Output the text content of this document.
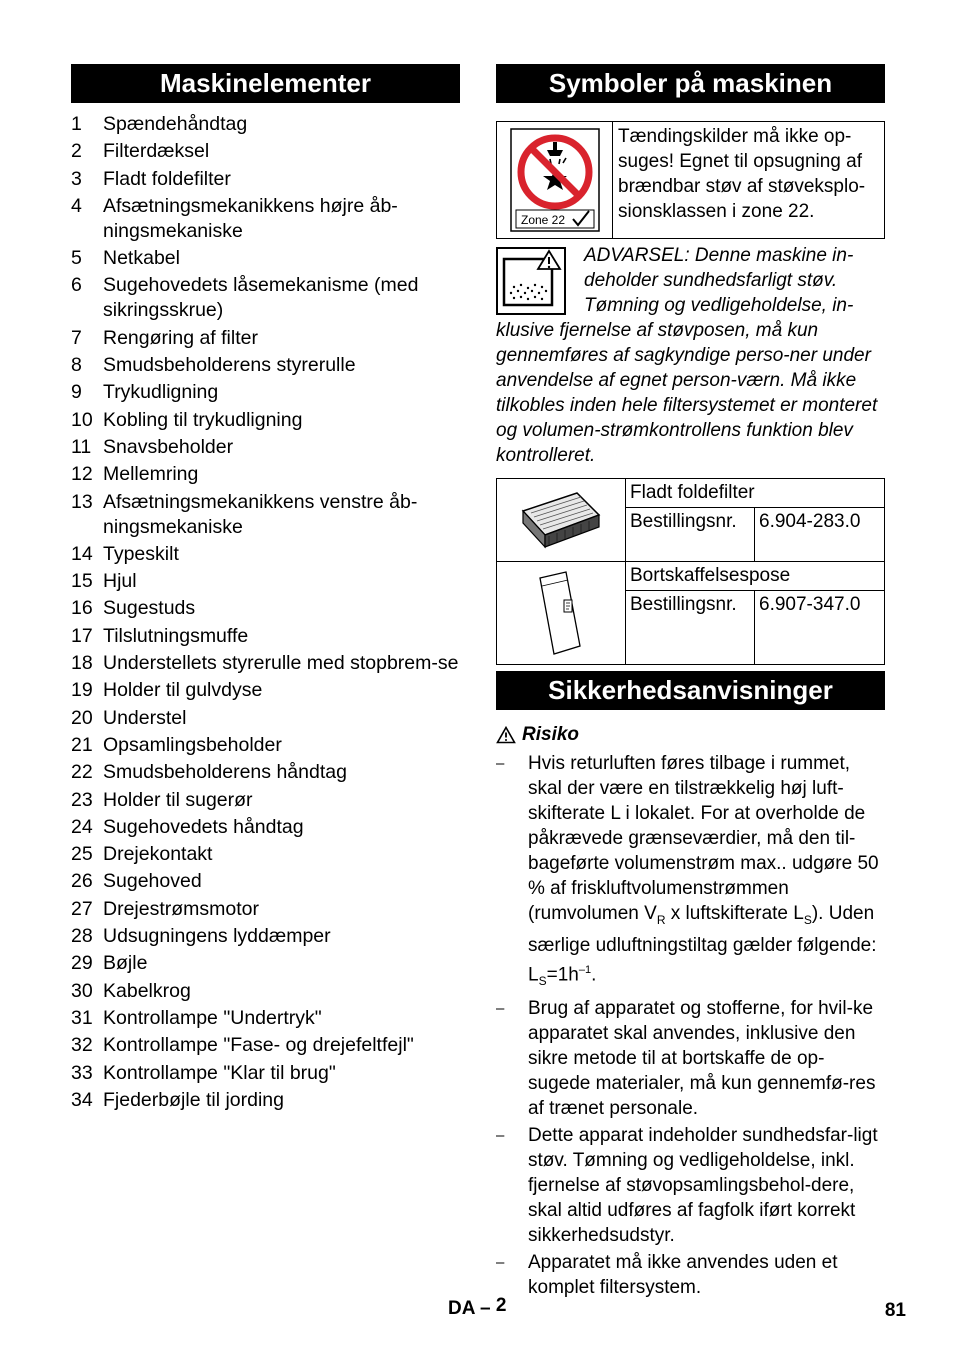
Maskinelementer
1	Spændehåndtag
2	Filterdæksel
3	Fladt foldefilter
4	Afsætningsmekanikkens højre åb-ningsmekaniske
5	Netkabel
6	Sugehovedets låsemekanisme (med sikringsskrue)
7	Rengøring af filter
8	Smudsbeholderens styrerulle
9	Trykudligning
10 Kobling til trykudligning
11 Snavsbeholder
12 Mellemring
13 Afsætningsmekanikkens venstre åb-ningsmekaniske
14 Typeskilt
15 Hjul
16 Sugestuds
17 Tilslutningsmuffe
18 Understellets styrerulle med stopbrem-se
19 Holder til gulvdyse
20 Understel
21 Opsamlingsbeholder
22 Smudsbeholderens håndtag
23 Holder til sugerør
24 Sugehovedets håndtag
25 Drejekontakt
26 Sugehoved
27 Drejestrømsmotor
28 Udsugningens lyddæmper
29 Bøjle
30 Kabelkrog
31 Kontrollampe "Undertryk"
32 Kontrollampe "Fase- og drejefeltfejl"
33 Kontrollampe "Klar til brug"
34 Fjederbøjle til jording
Symboler på maskinen
Zone 22
Tændingskilder må ikke op-suges! Egnet til opsugning af brændbar støv af støveksplo-sionsklassen i zone 22.
ADVARSEL: Denne maskine in-deholder sundhedsfarligt støv. Tømning og vedligeholdelse, in-klusive fjernelse af støvposen, må kun gennemføres af sagkyndige perso-ner under anvendelse af egnet person-værn. Må ikke tilkobles inden hele filtersystemet er monteret og volumen-strømkontrollens funktion blev kontrolleret.
Fladt foldefilter
Bestillingsnr.	6.904-283.0
Bortskaffelsespose
Bestillingsnr.	6.907-347.0
Sikkerhedsanvisninger
Risiko
–	Hvis returluften føres tilbage i rummet, skal der være en tilstrækkelig høj luft-skifterate L i lokalet. For at overholde de påkrævede grænseværdier, må den til-bageførte volumenstrøm max.. udgøre 50 % af friskluftvolumenstrømmen (rumvolumen $V_R$ x luftskifterate $L_S$). Uden særlige udluftningstiltag gælder følgende: $L_S=1h^{-1}$.
–	Brug af apparatet og stofferne, for hvil-ke apparatet skal anvendes, inklusive den sikre metode til at bortskaffe de op-sugede materialer, må kun gennemfø-res af trænet personale.
–	Dette apparat indeholder sundhedsfar-ligt støv. Tømning og vedligeholdelse, inkl. fjernelse af støvopsamlingsbehol-dere, skal altid udføres af fagfolk iført korrekt sikkerhedsudstyr.
–	Apparatet må ikke anvendes uden et komplet filtersystem.
DA – 2	81
